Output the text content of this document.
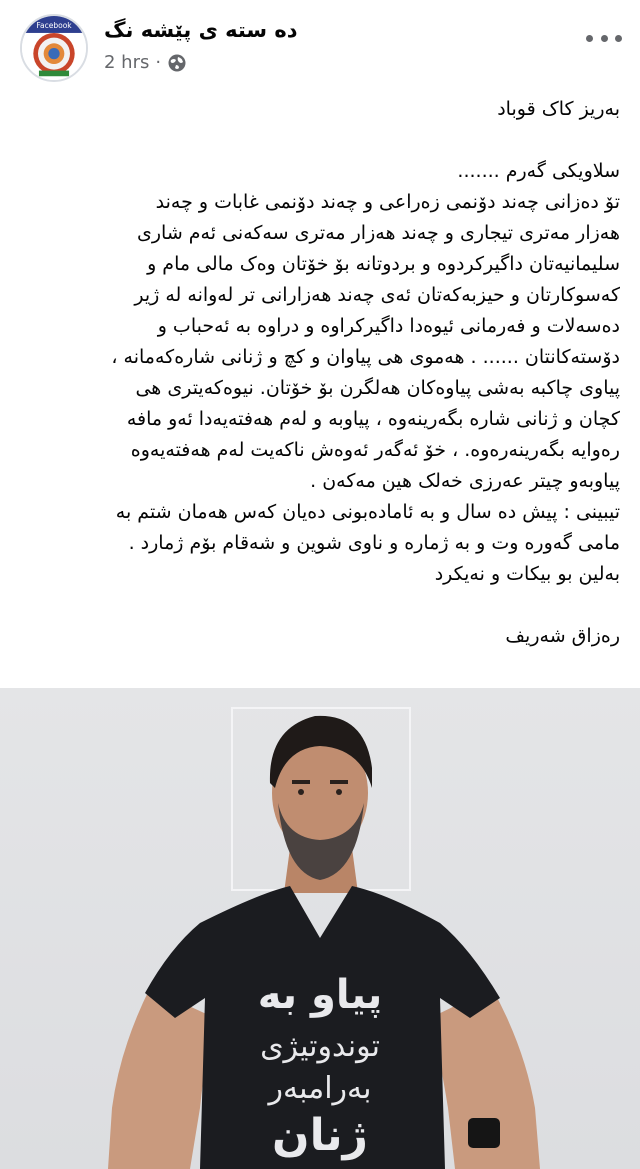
Facebook ده سته ی پێشه نگ
2 hrs ·

بەریز کاک قوباد

سلاویکی گەرم .......

تۆ دەزانی چەند دۆنمی زەراعی و چەند دۆنمی غابات و چەند

هەزار مەتری تیجاری و چەند هەزار مەتری سەکەنی ئەم شاری

سلیمانیەتان داگیرکردوە و بردوتانە بۆ خۆتان وەک مالی مام و

کەسوکارتان و حیزبەکەتان ئەی چەند هەزارانی تر لەوانە لە ژیر

دەسەلات و فەرمانی ئیوەدا داگیرکراوە و دراوە بە ئەحباب و

دۆستەکانتان ...... . هەموی هی پیاوان و کچ و ژنانی شارەکەمانە ،

پیاوی چاکبە بەشی پیاوەکان هەلگرن بۆ خۆتان. نیوەکەیتری هی

کچان و ژنانی شارە بگەرینەوە ، پیاوبە و لەم هەفتەیەدا ئەو مافە

رەوایە بگەرینەرەوە. ، خۆ ئەگەر ئەوەش ناکەیت لەم هەفتەیەوە

پیاوبەو چیتر عەرزی خەلک هین مەکەن .

تیبینی : پیش دە سال و بە ئامادەبونی دەیان کەس هەمان شتم بە

مامی گەورە وت و بە ژمارە و ناوی شوین و شەقام بۆم ژمارد .

بەلین بو بیکات و نەیکرد

رەزاق شەریف

پیاو بە
توندوتیژی
بەرامبەر
ژنان
